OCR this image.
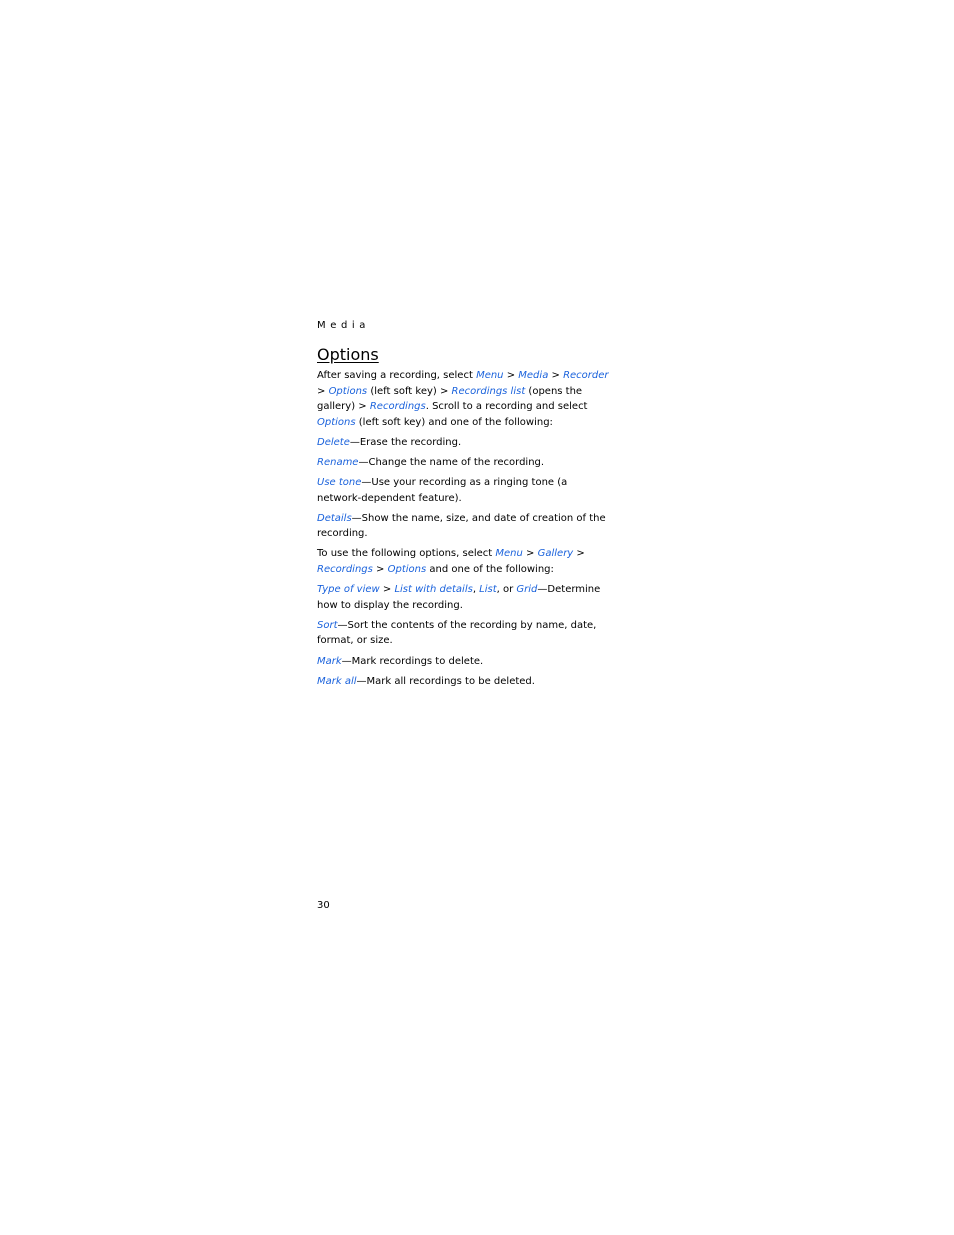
Media
Options

After saving a recording, select Menu > Media > Recorder > Options (left soft key) > Recordings list (opens the gallery) > Recordings. Scroll to a recording and select Options (left soft key) and one of the following:

Delete—Erase the recording.

Rename—Change the name of the recording.

Use tone—Use your recording as a ringing tone (a network-dependent feature).

Details—Show the name, size, and date of creation of the recording.

To use the following options, select Menu > Gallery > Recordings > Options and one of the following:

Type of view > List with details, List, or Grid—Determine how to display the recording.

Sort—Sort the contents of the recording by name, date, format, or size.

Mark—Mark recordings to delete.

Mark all—Mark all recordings to be deleted.

30
